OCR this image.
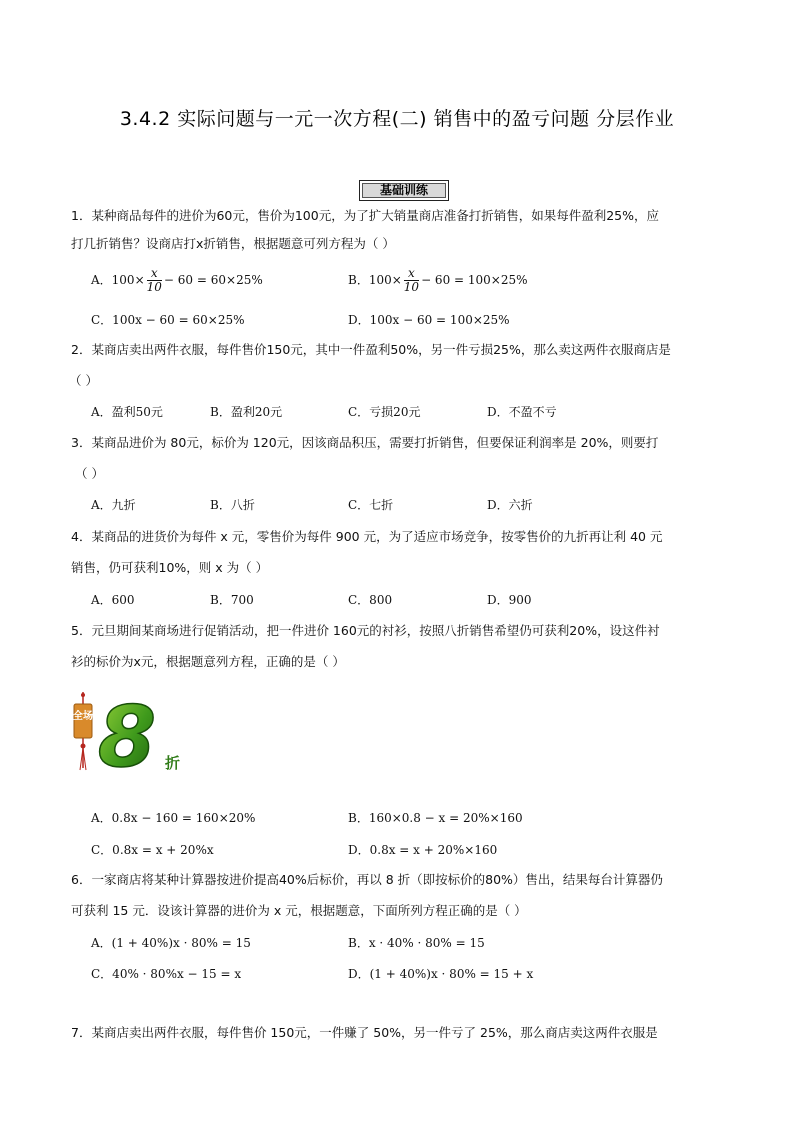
3.4.2 实际问题与一元一次方程(二) 销售中的盈亏问题 分层作业
基础训练
1．某种商品每件的进价为60元，售价为100元，为了扩大销量商店准备打折销售，如果每件盈利25%，应
打几折销售？设商店打x折销售，根据题意可列方程为（ ）
A．$100\times \frac{x}{10} - 60 = 60\times 25\%$	B．$100\times \frac{x}{10} - 60 = 100\times 25\%$
C．100x − 60 = 60×25%	D．100x − 60 = 100×25%
2．某商店卖出两件衣服，每件售价150元，其中一件盈利50%，另一件亏损25%，那么卖这两件衣服商店是
（ ）
A．盈利50元	B．盈利20元	C．亏损20元	D．不盈不亏
3．某商品进价为 80元，标价为 120元，因该商品积压，需要打折销售，但要保证利润率是 20%，则要打
（ ）
A．九折	B．八折	C．七折	D．六折
4．某商品的进货价为每件 x 元，零售价为每件 900 元，为了适应市场竞争，按零售价的九折再让利 40 元
销售，仍可获利10%，则 x 为（ ）
A．600	B．700	C．800	D．900
5．元旦期间某商场进行促销活动，把一件进价 160元的衬衫，按照八折销售希望仍可获利20%，设这件衬
衫的标价为x元，根据题意列方程，正确的是（ ）
全场 8 折
A．0.8x − 160 = 160×20%	B．160×0.8 − x = 20%×160
C．0.8x = x + 20%x	D．0.8x = x + 20%×160
6．一家商店将某种计算器按进价提高40%后标价，再以 8 折（即按标价的80%）售出，结果每台计算器仍
可获利 15 元．设该计算器的进价为 x 元，根据题意，下面所列方程正确的是（ ）
A．(1 + 40%)x · 80% = 15	B．x · 40% · 80% = 15
C．40% · 80%x − 15 = x	D．(1 + 40%)x · 80% = 15 + x
7．某商店卖出两件衣服，每件售价 150元，一件赚了 50%，另一件亏了 25%，那么商店卖这两件衣服是
